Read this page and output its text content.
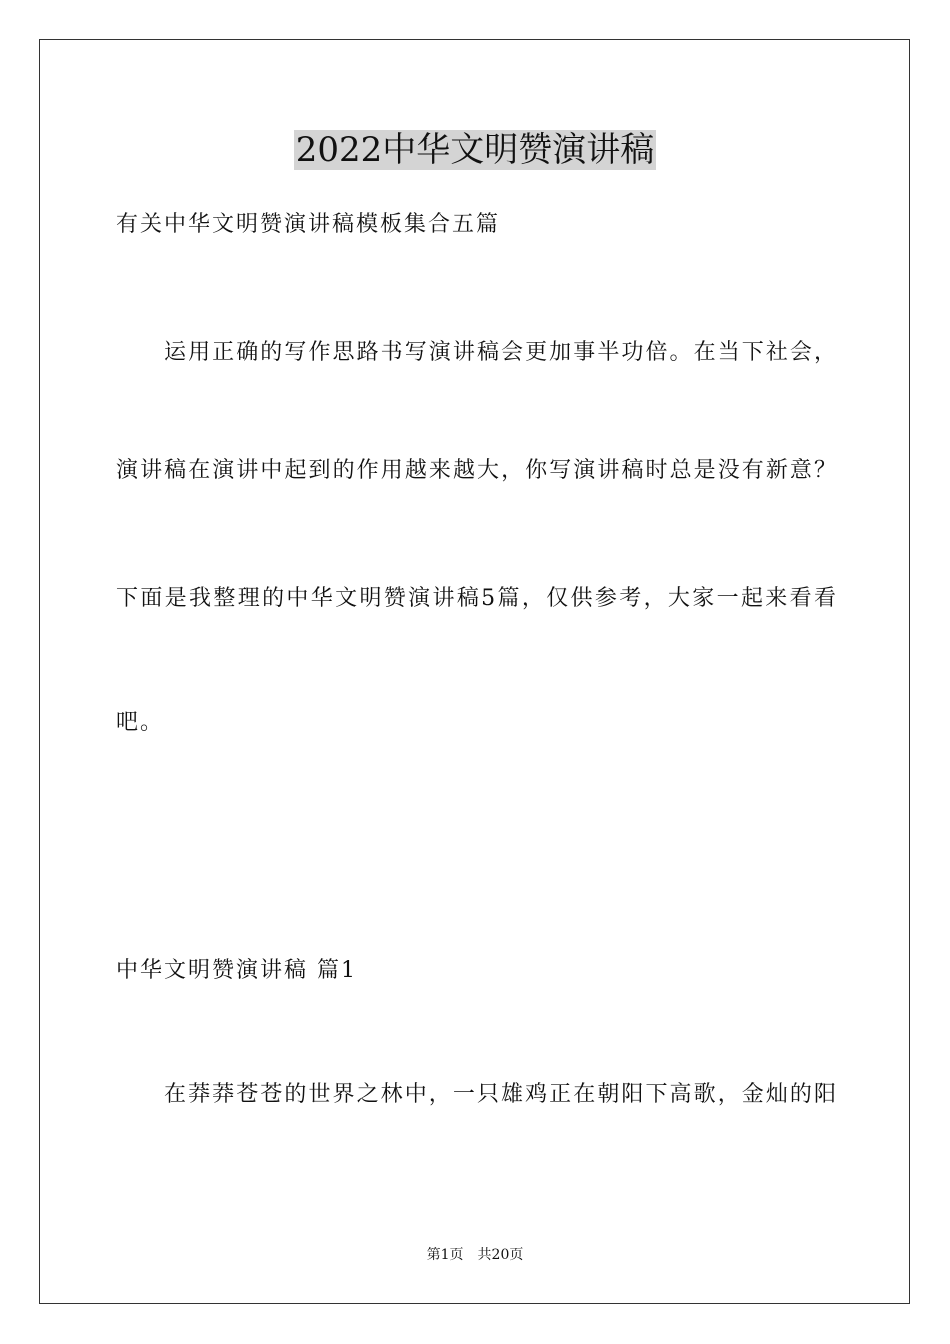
2022中华文明赞演讲稿

有关中华文明赞演讲稿模板集合五篇

运用正确的写作思路书写演讲稿会更加事半功倍。在当下社会，

演讲稿在演讲中起到的作用越来越大，你写演讲稿时总是没有新意？

下面是我整理的中华文明赞演讲稿5篇，仅供参考，大家一起来看看

吧。

中华文明赞演讲稿 篇1

在莽莽苍苍的世界之林中，一只雄鸡正在朝阳下高歌，金灿的阳

第1页 共20页
